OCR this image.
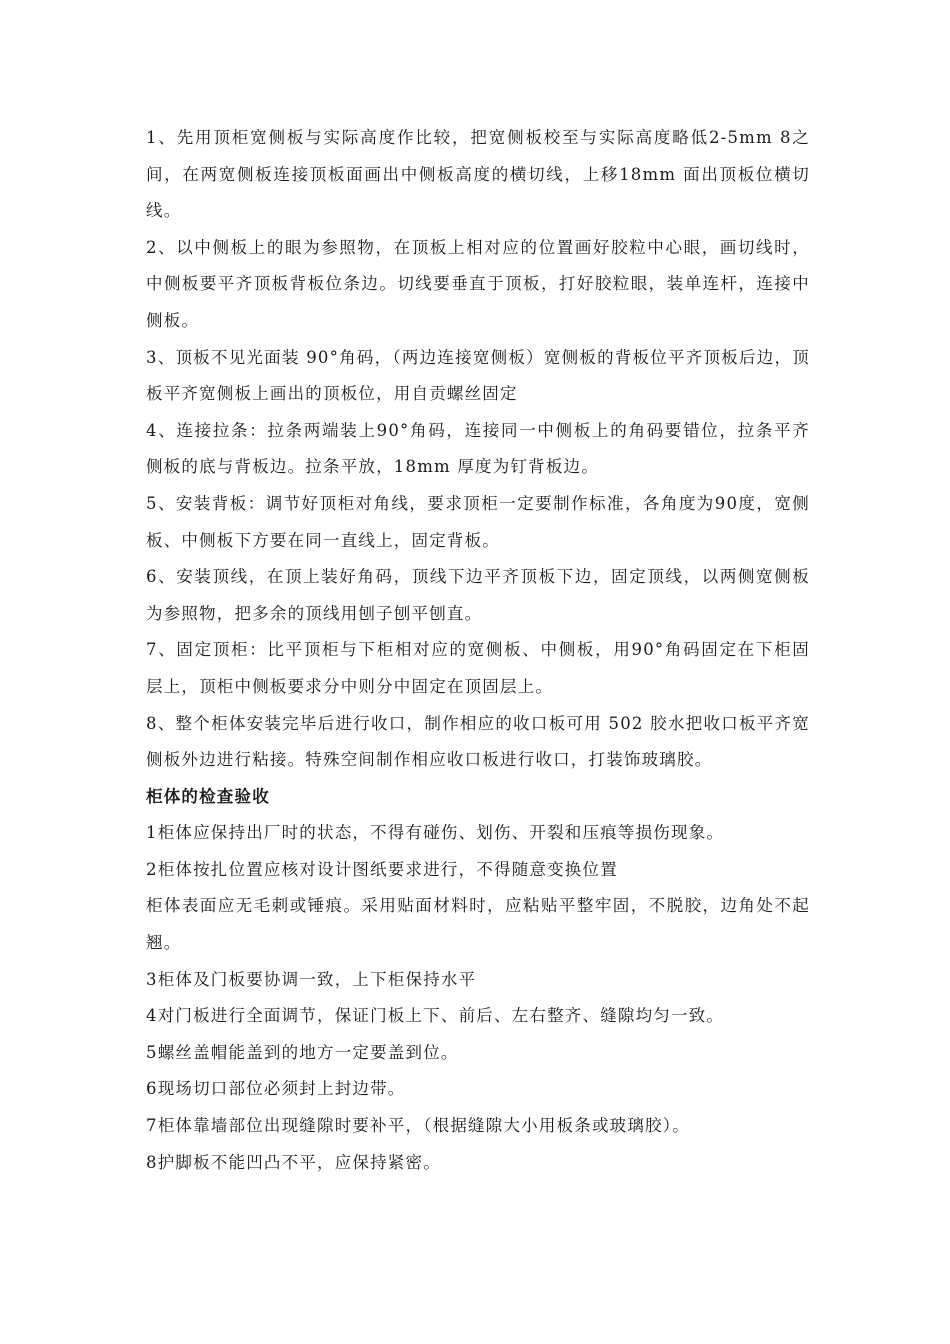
1、先用顶柜宽侧板与实际高度作比较，把宽侧板校至与实际高度略低2-5mm 8之间，在两宽侧板连接顶板面画出中侧板高度的横切线，上移18mm 面出顶板位横切线。

2、以中侧板上的眼为参照物，在顶板上相对应的位置画好胶粒中心眼，画切线时，中侧板要平齐顶板背板位条边。切线要垂直于顶板，打好胶粒眼，装单连杆，连接中侧板。

3、顶板不见光面装 90°角码，（两边连接宽侧板）宽侧板的背板位平齐顶板后边，顶板平齐宽侧板上画出的顶板位，用自贡螺丝固定

4、连接拉条：拉条两端装上90°角码，连接同一中侧板上的角码要错位，拉条平齐侧板的底与背板边。拉条平放，18mm 厚度为钉背板边。

5、安装背板：调节好顶柜对角线，要求顶柜一定要制作标准，各角度为90度，宽侧板、中侧板下方要在同一直线上，固定背板。

6、安装顶线，在顶上装好角码，顶线下边平齐顶板下边，固定顶线，以两侧宽侧板为参照物，把多余的顶线用刨子刨平刨直。

7、固定顶柜：比平顶柜与下柜相对应的宽侧板、中侧板，用90°角码固定在下柜固层上，顶柜中侧板要求分中则分中固定在顶固层上。

8、整个柜体安装完毕后进行收口，制作相应的收口板可用 502 胶水把收口板平齐宽侧板外边进行粘接。特殊空间制作相应收口板进行收口，打装饰玻璃胶。

柜体的检查验收

1柜体应保持出厂时的状态，不得有碰伤、划伤、开裂和压痕等损伤现象。

2柜体按扎位置应核对设计图纸要求进行，不得随意变换位置

柜体表面应无毛刺或锤痕。采用贴面材料时，应粘贴平整牢固，不脱胶，边角处不起翘。

3柜体及门板要协调一致，上下柜保持水平

4对门板进行全面调节，保证门板上下、前后、左右整齐、缝隙均匀一致。

5螺丝盖帽能盖到的地方一定要盖到位。

6现场切口部位必须封上封边带。

7柜体靠墙部位出现缝隙时要补平，（根据缝隙大小用板条或玻璃胶）。

8护脚板不能凹凸不平，应保持紧密。
